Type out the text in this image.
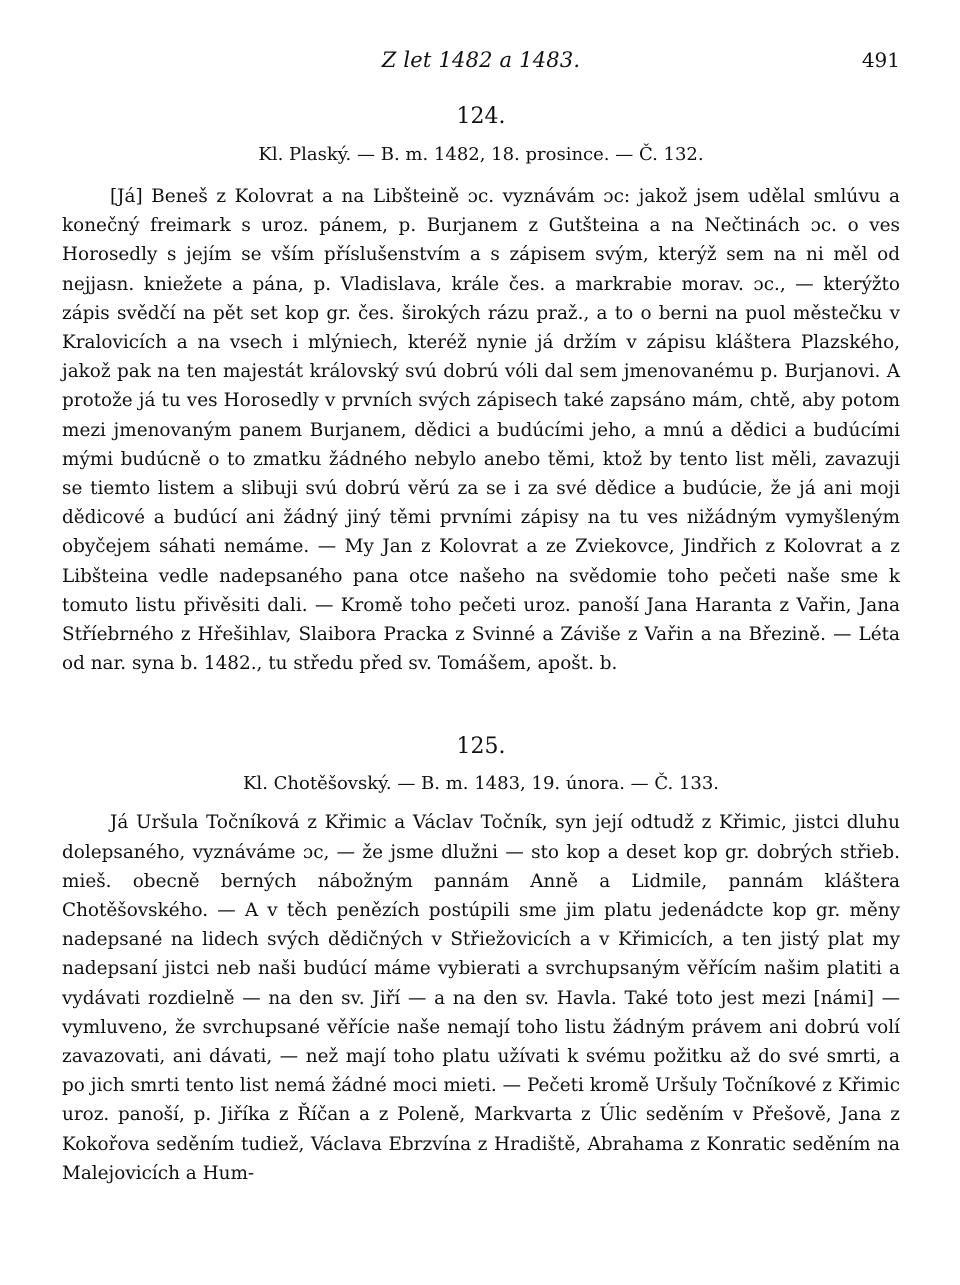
Z let 1482 a 1483.	491
124.
Kl. Plaský. — B. m. 1482, 18. prosince. — Č. 132.

[Já] Beneš z Kolovrat a na Libšteině ɔc. vyznávám ɔc: jakož jsem udělal smlúvu a konečný freimark s uroz. pánem, p. Burjanem z Gutšteina a na Nečtinách ɔc. o ves Horosedly s jejím se vším příslušenstvím a s zápisem svým, kterýž sem na ni měl od nejjasn. kniežete a pána, p. Vladislava, krále čes. a markrabie morav. ɔc., — kterýžto zápis svědčí na pět set kop gr. čes. širokých rázu praž., a to o berni na puol městečku v Kralovicích a na vsech i mlýniech, kteréž nynie já držím v zápisu kláštera Plazského, jakož pak na ten majestát královský svú dobrú vóli dal sem jmenovanému p. Burjanovi. A protože já tu ves Horosedly v prvních svých zápisech také zapsáno mám, chtě, aby potom mezi jmenovaným panem Burjanem, dědici a budúcími jeho, a mnú a dědici a budúcími mými budúcně o to zmatku žádného nebylo anebo těmi, ktož by tento list měli, zavazuji se tiemto listem a slibuji svú dobrú věrú za se i za své dědice a budúcie, že já ani moji dědicové a budúcí ani žádný jiný těmi prvními zápisy na tu ves nižádným vymyšleným obyčejem sáhati nemáme. — My Jan z Kolovrat a ze Zviekovce, Jindřich z Kolovrat a z Libšteina vedle nadepsaného pana otce našeho na svědomie toho pečeti naše sme k tomuto listu přivěsiti dali. — Kromě toho pečeti uroz. panoší Jana Haranta z Vařin, Jana Stříebrného z Hřešihlav, Slaibora Pracka z Svinné a Záviše z Vařin a na Březině. — Léta od nar. syna b. 1482., tu středu před sv. Tomášem, apošt. b.

125.
Kl. Chotěšovský. — B. m. 1483, 19. února. — Č. 133.

Já Uršula Točníková z Křimic a Václav Točník, syn její odtudž z Křimic, jistci dluhu dolepsaného, vyznáváme ɔc, — že jsme dlužni — sto kop a deset kop gr. dobrých střieb. mieš. obecně berných nábožným pannám Anně a Lidmile, pannám kláštera Chotěšovského. — A v těch penězích postúpili sme jim platu jedenádcte kop gr. měny nadepsané na lidech svých dědičných v Střiežovicích a v Křimicích, a ten jistý plat my nadepsaní jistci neb naši budúcí máme vybierati a svrchupsaným věřícím našim platiti a vydávati rozdielně — na den sv. Jiří — a na den sv. Havla. Také toto jest mezi [námi] — vymluveno, že svrchupsané věřície naše nemají toho listu žádným právem ani dobrú volí zavazovati, ani dávati, — než mají toho platu užívati k svému požitku až do své smrti, a po jich smrti tento list nemá žádné moci mieti. — Pečeti kromě Uršuly Točníkové z Křimic uroz. panoší, p. Jiříka z Říčan a z Poleně, Markvarta z Úlic seděním v Přešově, Jana z Kokořova seděním tudiež, Václava Ebrzvína z Hradiště, Abrahama z Konratic seděním na Malejovicích a Hum-
